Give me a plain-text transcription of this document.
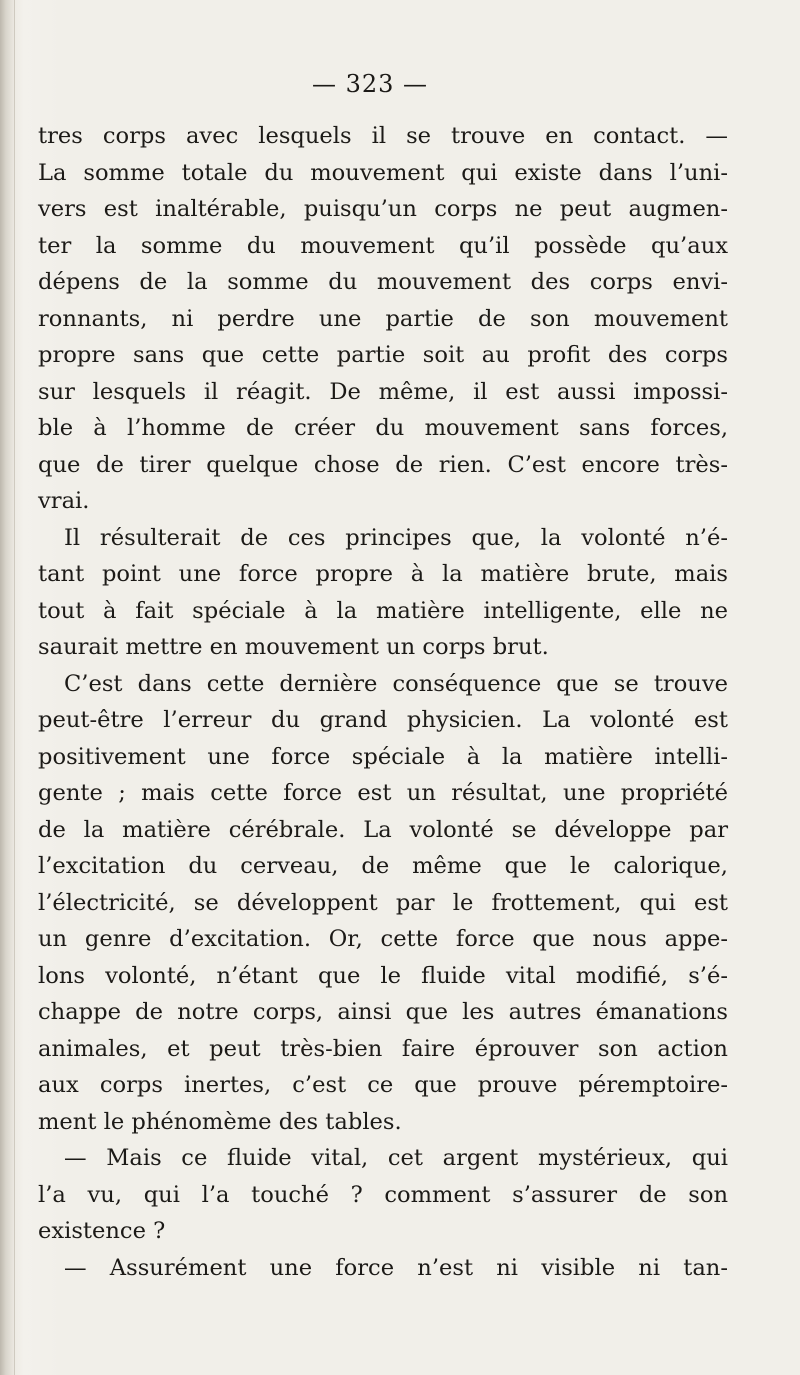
— 323 —
tres corps avec lesquels il se trouve en contact. —
La somme totale du mouvement qui existe dans l’uni-
vers est inaltérable, puisqu’un corps ne peut augmen-
ter la somme du mouvement qu’il possède qu’aux
dépens de la somme du mouvement des corps envi-
ronnants, ni perdre une partie de son mouvement
propre sans que cette partie soit au profit des corps
sur lesquels il réagit. De même, il est aussi impossi-
ble à l’homme de créer du mouvement sans forces,
que de tirer quelque chose de rien. C’est encore très-
vrai.
Il résulterait de ces principes que, la volonté n’é-
tant point une force propre à la matière brute, mais
tout à fait spéciale à la matière intelligente, elle ne
saurait mettre en mouvement un corps brut.
C’est dans cette dernière conséquence que se trouve
peut-être l’erreur du grand physicien. La volonté est
positivement une force spéciale à la matière intelli-
gente ; mais cette force est un résultat, une propriété
de la matière cérébrale. La volonté se développe par
l’excitation du cerveau, de même que le calorique,
l’électricité, se développent par le frottement, qui est
un genre d’excitation. Or, cette force que nous appe-
lons volonté, n’étant que le fluide vital modifié, s’é-
chappe de notre corps, ainsi que les autres émanations
animales, et peut très-bien faire éprouver son action
aux corps inertes, c’est ce que prouve péremptoire-
ment le phénomème des tables.
— Mais ce fluide vital, cet argent mystérieux, qui
l’a vu, qui l’a touché ? comment s’assurer de son
existence ?
— Assurément une force n’est ni visible ni tan-
